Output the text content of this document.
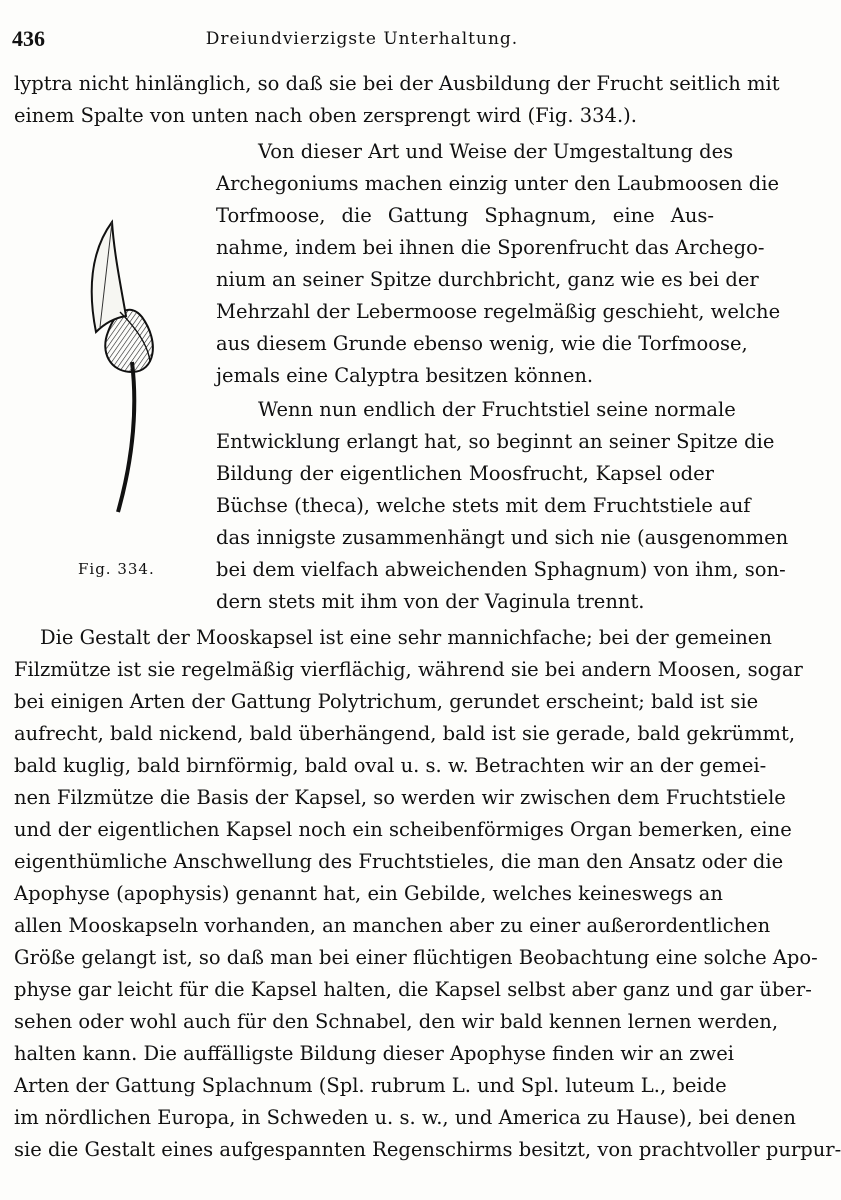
436	Dreiundvierzigste Unterhaltung.
lyptra nicht hinlänglich, so daß sie bei der Ausbildung der Frucht seitlich mit
einem Spalte von unten nach oben zersprengt wird (Fig. 334.).
Von dieser Art und Weise der Umgestaltung des
Archegoniums machen einzig unter den Laubmoosen die
Torfmoose, die Gattung Sphagnum, eine Aus-
nahme, indem bei ihnen die Sporenfrucht das Archego-
nium an seiner Spitze durchbricht, ganz wie es bei der
Mehrzahl der Lebermoose regelmäßig geschieht, welche
aus diesem Grunde ebenso wenig, wie die Torfmoose,
jemals eine Calyptra besitzen können.
Wenn nun endlich der Fruchtstiel seine normale
Entwicklung erlangt hat, so beginnt an seiner Spitze die
Bildung der eigentlichen Moosfrucht, Kapsel oder
Büchse (theca), welche stets mit dem Fruchtstiele auf
das innigste zusammenhängt und sich nie (ausgenommen
bei dem vielfach abweichenden Sphagnum) von ihm, son-
dern stets mit ihm von der Vaginula trennt.
Die Gestalt der Mooskapsel ist eine sehr mannichfache; bei der gemeinen
Filzmütze ist sie regelmäßig vierflächig, während sie bei andern Moosen, sogar
bei einigen Arten der Gattung Polytrichum, gerundet erscheint; bald ist sie
aufrecht, bald nickend, bald überhängend, bald ist sie gerade, bald gekrümmt,
bald kuglig, bald birnförmig, bald oval u. s. w. Betrachten wir an der gemei-
nen Filzmütze die Basis der Kapsel, so werden wir zwischen dem Fruchtstiele
und der eigentlichen Kapsel noch ein scheibenförmiges Organ bemerken, eine
eigenthümliche Anschwellung des Fruchtstieles, die man den Ansatz oder die
Apophyse (apophysis) genannt hat, ein Gebilde, welches keineswegs an
allen Mooskapseln vorhanden, an manchen aber zu einer außerordentlichen
Größe gelangt ist, so daß man bei einer flüchtigen Beobachtung eine solche Apo-
physe gar leicht für die Kapsel halten, die Kapsel selbst aber ganz und gar über-
sehen oder wohl auch für den Schnabel, den wir bald kennen lernen werden,
halten kann. Die auffälligste Bildung dieser Apophyse finden wir an zwei
Arten der Gattung Splachnum (Spl. rubrum L. und Spl. luteum L., beide
im nördlichen Europa, in Schweden u. s. w., und America zu Hause), bei denen
sie die Gestalt eines aufgespannten Regenschirms besitzt, von prachtvoller purpur-
Fig. 334.
